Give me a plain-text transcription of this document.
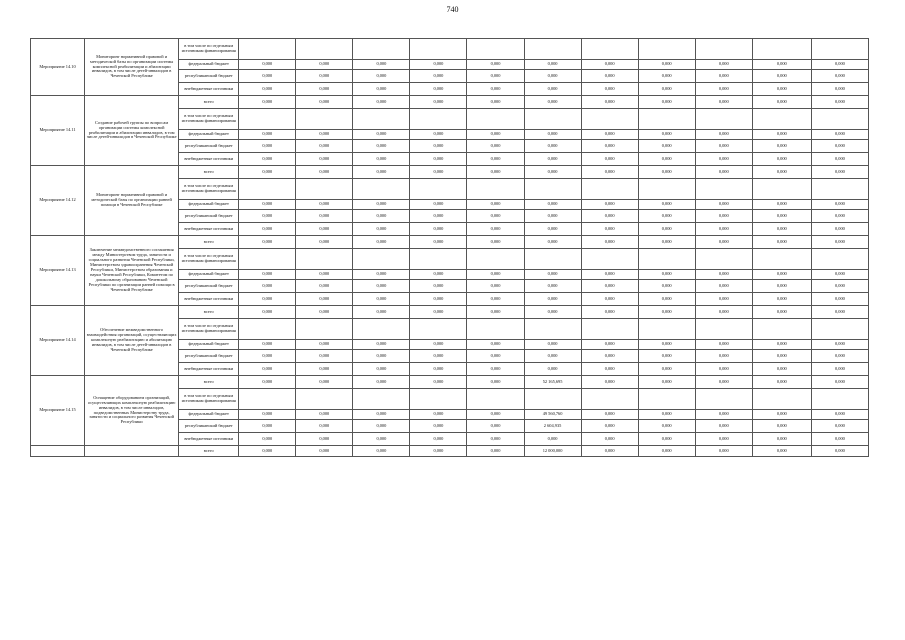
740
Мероприятие 14.10	Мониторинг нормативной правовой и методической базы по организации системы комплексной реабилитации и абилитации инвалидов, в том числе детей-инвалидов в Чеченской Республике	в том числе по отдельным источникам финансирования											
		федеральный бюджет	0,000	0,000	0,000	0,000	0,000	0,000	0,000	0,000	0,000	0,000	0,000
		республиканский бюджет	0,000	0,000	0,000	0,000	0,000	0,000	0,000	0,000	0,000	0,000	0,000
		внебюджетные источники	0,000	0,000	0,000	0,000	0,000	0,000	0,000	0,000	0,000	0,000	0,000
Мероприятие 14.11	Создание рабочей группы по вопросам организации системы комплексной реабилитации и абилитации инвалидов, в том числе детей-инвалидов в Чеченской Республике	всего	0,000	0,000	0,000	0,000	0,000	0,000	0,000	0,000	0,000	0,000	0,000
		в том числе по отдельным источникам финансирования											
		федеральный бюджет	0,000	0,000	0,000	0,000	0,000	0,000	0,000	0,000	0,000	0,000	0,000
		республиканский бюджет	0,000	0,000	0,000	0,000	0,000	0,000	0,000	0,000	0,000	0,000	0,000
		внебюджетные источники	0,000	0,000	0,000	0,000	0,000	0,000	0,000	0,000	0,000	0,000	0,000
Мероприятие 14.12	Мониторинг нормативной правовой и методической базы по организации ранней помощи в Чеченской Республике	всего	0,000	0,000	0,000	0,000	0,000	0,000	0,000	0,000	0,000	0,000	0,000
		в том числе по отдельным источникам финансирования											
		федеральный бюджет	0,000	0,000	0,000	0,000	0,000	0,000	0,000	0,000	0,000	0,000	0,000
		республиканский бюджет	0,000	0,000	0,000	0,000	0,000	0,000	0,000	0,000	0,000	0,000	0,000
		внебюджетные источники	0,000	0,000	0,000	0,000	0,000	0,000	0,000	0,000	0,000	0,000	0,000
Мероприятие 14.13	Заключение межведомственного соглашения между Министерством труда, занятости и социального развития Чеченской Республики, Министерством здравоохранения Чеченской Республики, Министерством образования и науки Чеченской Республики, Комитетом по дошкольному образованию Чеченской Республики по организации ранней помощи в Чеченской Республике	всего	0,000	0,000	0,000	0,000	0,000	0,000	0,000	0,000	0,000	0,000	0,000
		в том числе по отдельным источникам финансирования											
		федеральный бюджет	0,000	0,000	0,000	0,000	0,000	0,000	0,000	0,000	0,000	0,000	0,000
		республиканский бюджет	0,000	0,000	0,000	0,000	0,000	0,000	0,000	0,000	0,000	0,000	0,000
		внебюджетные источники	0,000	0,000	0,000	0,000	0,000	0,000	0,000	0,000	0,000	0,000	0,000
Мероприятие 14.14	Обеспечение межведомственного взаимодействия организаций, осуществляющих комплексную реабилитацию и абилитацию инвалидов, в том числе детей-инвалидов в Чеченской Республике	всего	0,000	0,000	0,000	0,000	0,000	0,000	0,000	0,000	0,000	0,000	0,000
		в том числе по отдельным источникам финансирования											
		федеральный бюджет	0,000	0,000	0,000	0,000	0,000	0,000	0,000	0,000	0,000	0,000	0,000
		республиканский бюджет	0,000	0,000	0,000	0,000	0,000	0,000	0,000	0,000	0,000	0,000	0,000
		внебюджетные источники	0,000	0,000	0,000	0,000	0,000	0,000	0,000	0,000	0,000	0,000	0,000
Мероприятие 14.15	Оснащение оборудованием организаций, осуществляющих комплексную реабилитацию инвалидов, в том числе инвалидов, подведомственных Министерству труда, занятости и социального развития Чеченской Республики	всего	0,000	0,000	0,000	0,000	0,000	52 165,695	0,000	0,000	0,000	0,000	0,000
		в том числе по отдельным источникам финансирования											
		федеральный бюджет	0,000	0,000	0,000	0,000	0,000	49 560,760	0,000	0,000	0,000	0,000	0,000
		республиканский бюджет	0,000	0,000	0,000	0,000	0,000	2 604,935	0,000	0,000	0,000	0,000	0,000
		внебюджетные источники	0,000	0,000	0,000	0,000	0,000	0,000	0,000	0,000	0,000	0,000	0,000
		всего	0,000	0,000	0,000	0,000	0,000	12 000,000	0,000	0,000	0,000	0,000	0,000
